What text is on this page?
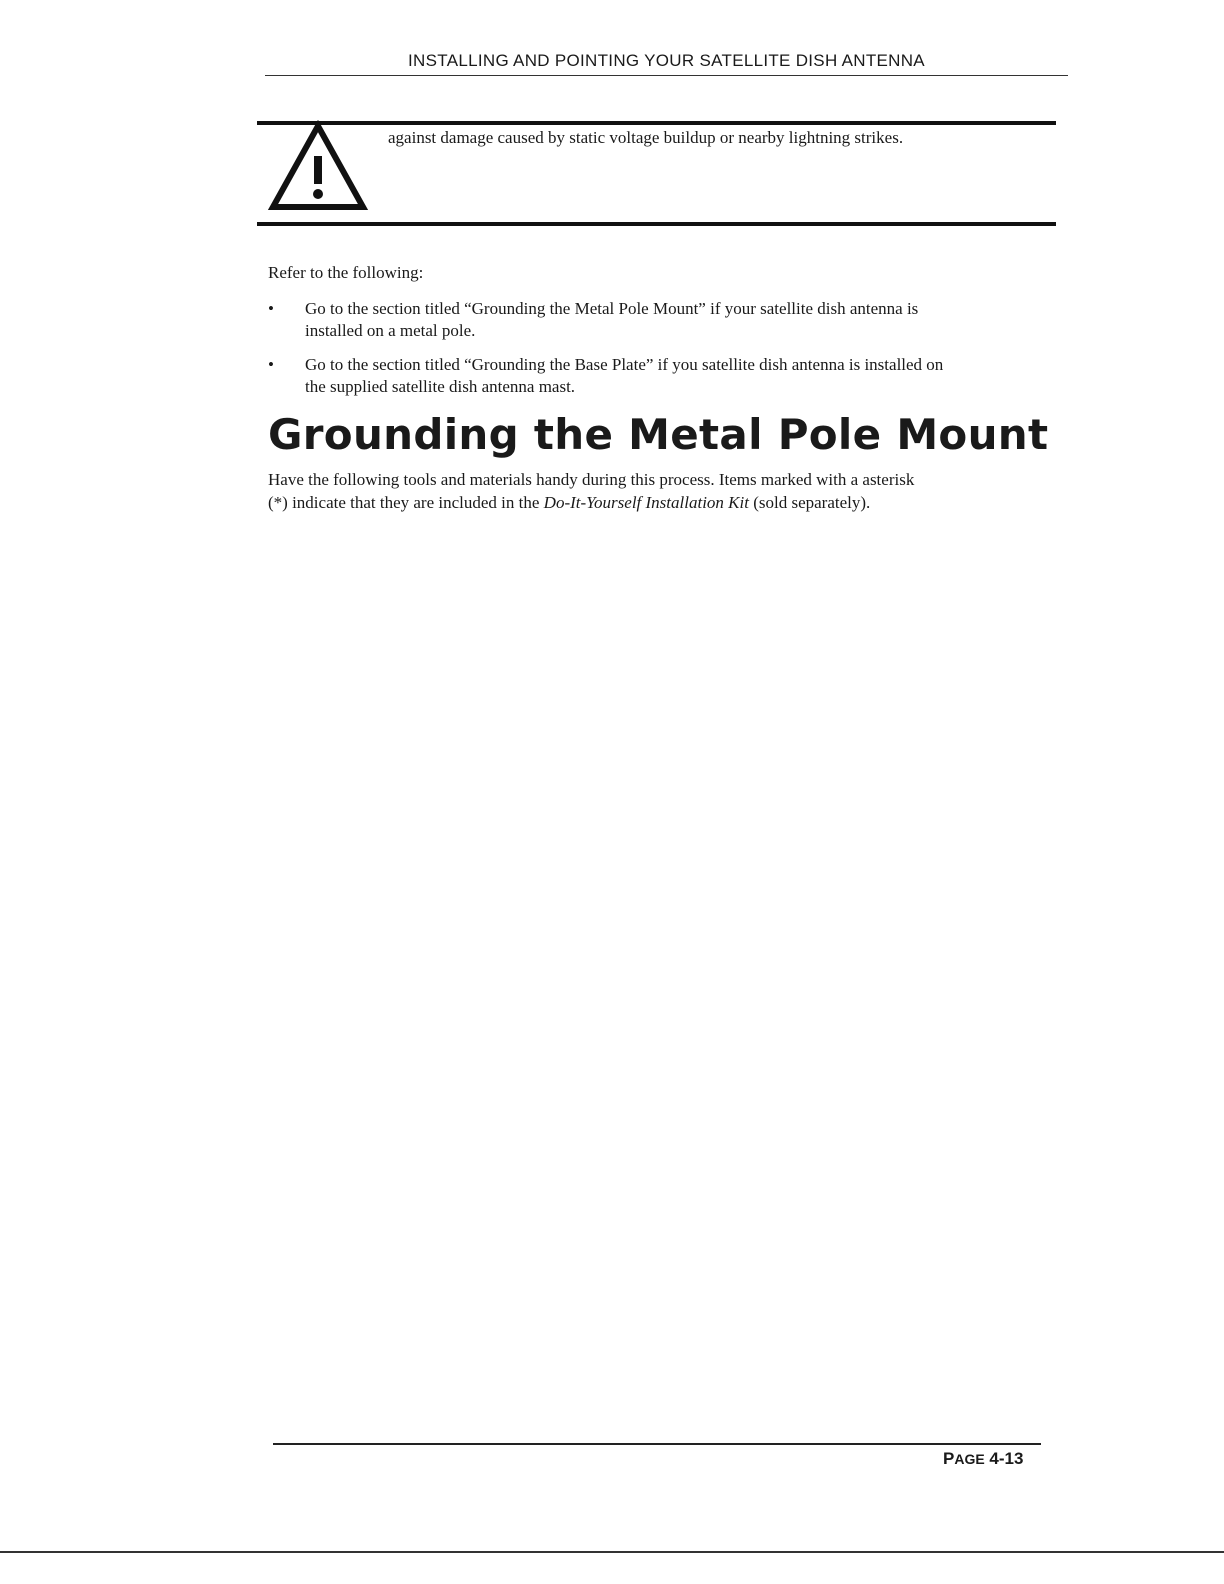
INSTALLING AND POINTING YOUR SATELLITE DISH ANTENNA
against damage caused by static voltage buildup or nearby lightning strikes.
Refer to the following:
• Go to the section titled “Grounding the Metal Pole Mount” if your satellite dish antenna is
installed on a metal pole.
• Go to the section titled “Grounding the Base Plate” if you satellite dish antenna is installed on
the supplied satellite dish antenna mast.
Grounding the Metal Pole Mount
Have the following tools and materials handy during this process. Items marked with a asterisk
(*) indicate that they are included in the Do-It-Yourself Installation Kit (sold separately).
PAGE 4-13
